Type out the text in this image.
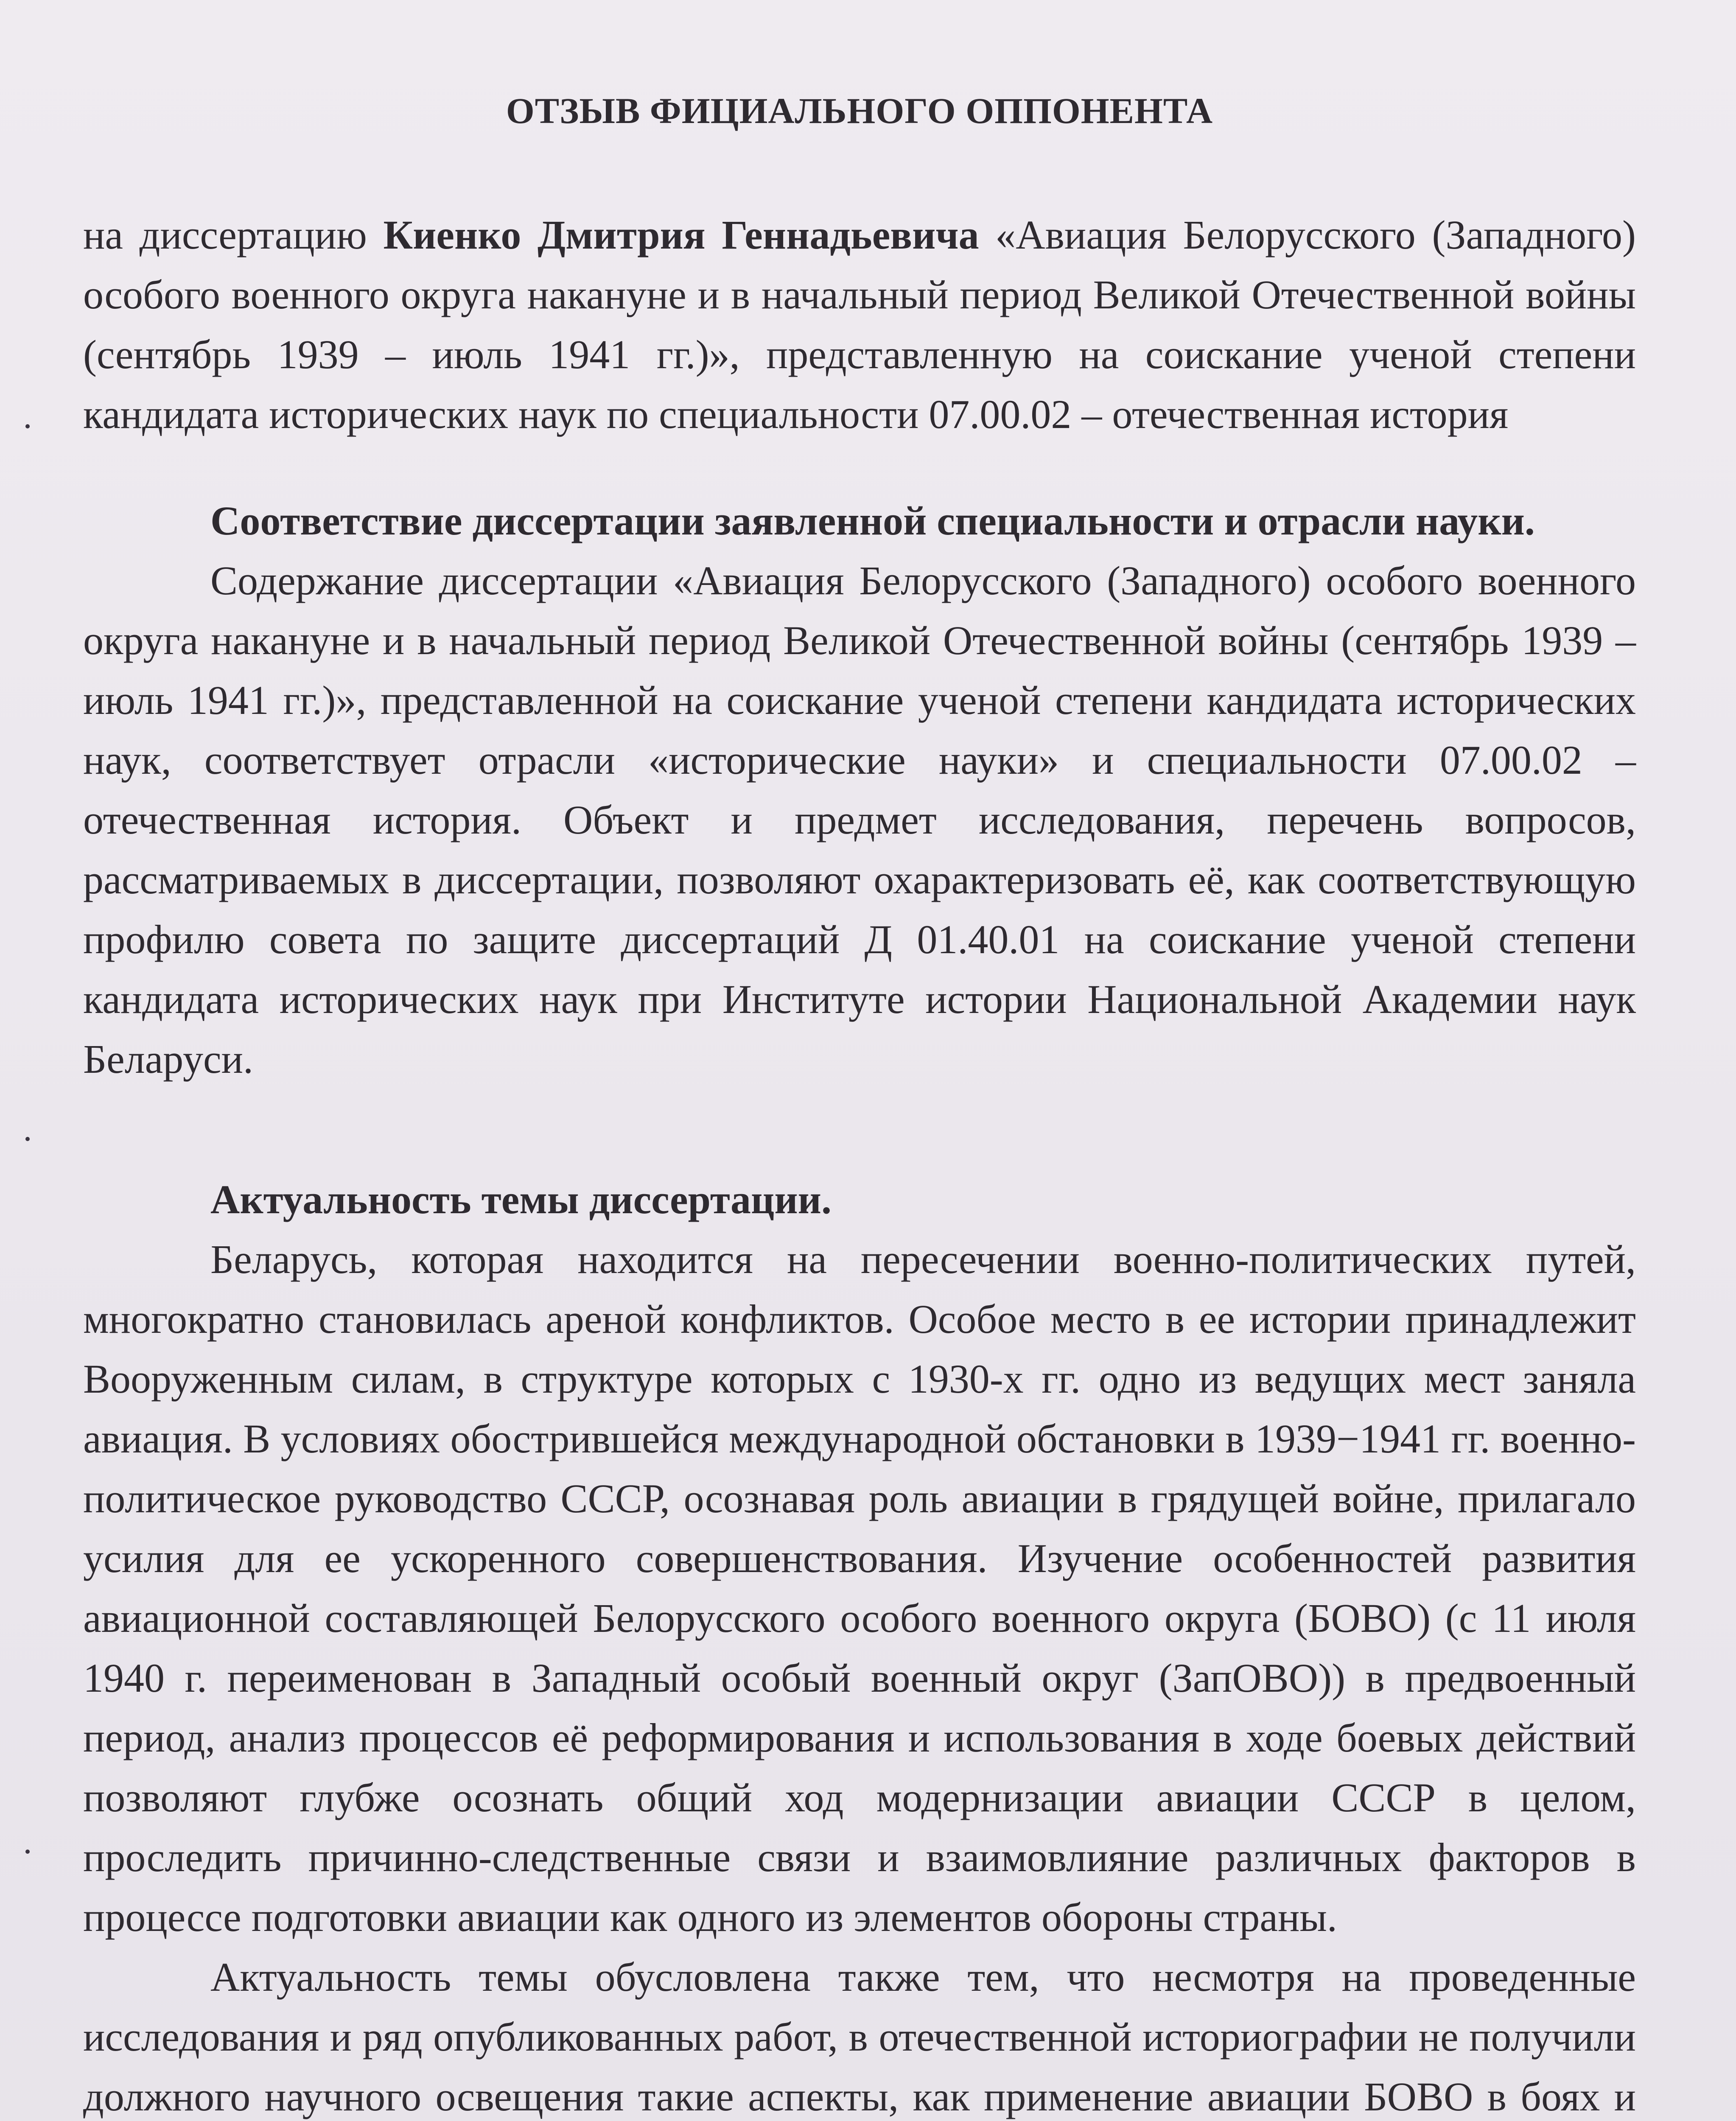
ОТЗЫВ ФИЦИАЛЬНОГО ОППОНЕНТА

на диссертацию Киенко Дмитрия Геннадьевича «Авиация Белорусского (Западного) особого военного округа накануне и в начальный период Великой Отечественной войны (сентябрь 1939 – июль 1941 гг.)», представленную на соискание ученой степени кандидата исторических наук по специальности 07.00.02 – отечественная история

Соответствие диссертации заявленной специальности и отрасли науки.

Содержание диссертации «Авиация Белорусского (Западного) особого военного округа накануне и в начальный период Великой Отечественной войны (сентябрь 1939 – июль 1941 гг.)», представленной на соискание ученой степени кандидата исторических наук, соответствует отрасли «исторические науки» и специальности 07.00.02 – отечественная история. Объект и предмет исследования, перечень вопросов, рассматриваемых в диссертации, позволяют охарактеризовать её, как соответствующую профилю совета по защите диссертаций Д 01.40.01 на соискание ученой степени кандидата исторических наук при Институте истории Национальной Академии наук Беларуси.

Актуальность темы диссертации.

Беларусь, которая находится на пересечении военно-политических путей, многократно становилась ареной конфликтов. Особое место в ее истории принадлежит Вооруженным силам, в структуре которых с 1930-х гг. одно из ведущих мест заняла авиация. В условиях обострившейся международной обстановки в 1939−1941 гг. военно-политическое руководство СССР, осознавая роль авиации в грядущей войне, прилагало усилия для ее ускоренного совершенствования. Изучение особенностей развития авиационной составляющей Белорусского особого военного округа (БОВО) (с 11 июля 1940 г. переименован в Западный особый военный округ (ЗапОВО)) в предвоенный период, анализ процессов её реформирования и использования в ходе боевых действий позволяют глубже осознать общий ход модернизации авиации СССР в целом, проследить причинно-следственные связи и взаимовлияние различных факторов в процессе подготовки авиации как одного из элементов обороны страны.

Актуальность темы обусловлена также тем, что несмотря на проведенные исследования и ряд опубликованных работ, в отечественной историографии не получили должного научного освещения такие аспекты, как применение авиации БОВО в боях и
